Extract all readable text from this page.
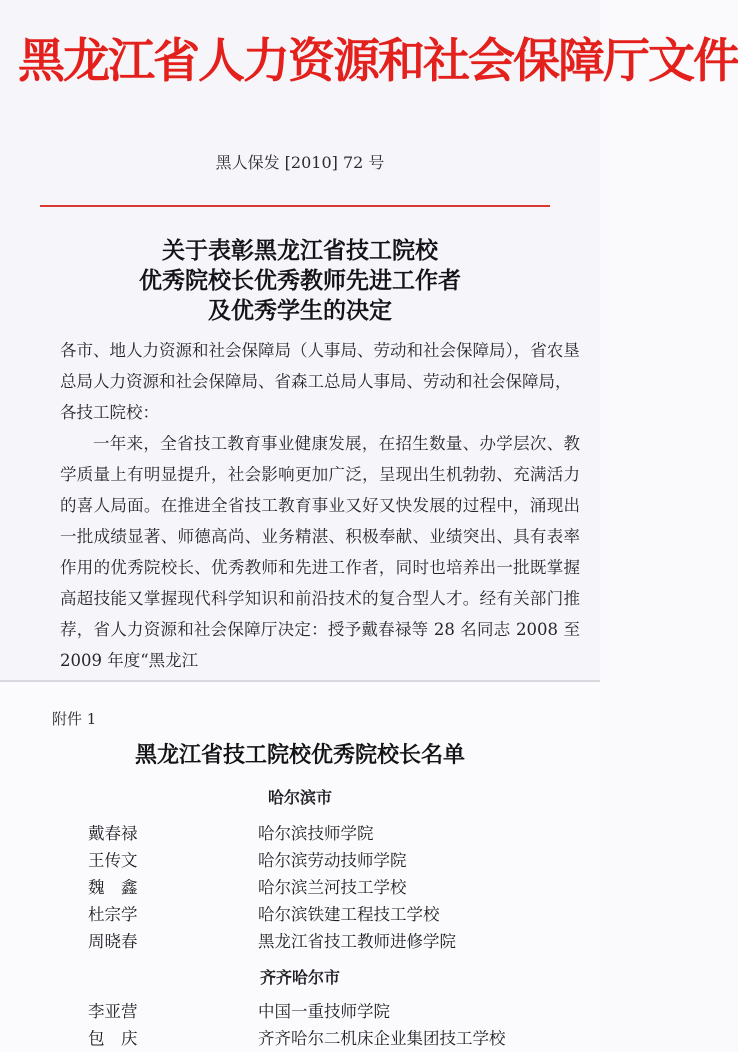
黑龙江省人力资源和社会保障厅文件
黑人保发 [2010] 72 号
关于表彰黑龙江省技工院校
优秀院校长优秀教师先进工作者
及优秀学生的决定
各市、地人力资源和社会保障局（人事局、劳动和社会保障局），省农垦总局人力资源和社会保障局、省森工总局人事局、劳动和社会保障局，各技工院校：
一年来，全省技工教育事业健康发展，在招生数量、办学层次、教学质量上有明显提升，社会影响更加广泛，呈现出生机勃勃、充满活力的喜人局面。在推进全省技工教育事业又好又快发展的过程中，涌现出一批成绩显著、师德高尚、业务精湛、积极奉献、业绩突出、具有表率作用的优秀院校长、优秀教师和先进工作者，同时也培养出一批既掌握高超技能又掌握现代科学知识和前沿技术的复合型人才。经有关部门推荐，省人力资源和社会保障厅决定：授予戴春禄等 28 名同志 2008 至 2009 年度“黑龙江
附件 1
黑龙江省技工院校优秀院校长名单
哈尔滨市
戴春禄	哈尔滨技师学院
王传文	哈尔滨劳动技师学院
魏　鑫	哈尔滨兰河技工学校
杜宗学	哈尔滨铁建工程技工学校
周晓春	黑龙江省技工教师进修学院
齐齐哈尔市
李亚营	中国一重技师学院
包　庆	齐齐哈尔二机床企业集团技工学校
